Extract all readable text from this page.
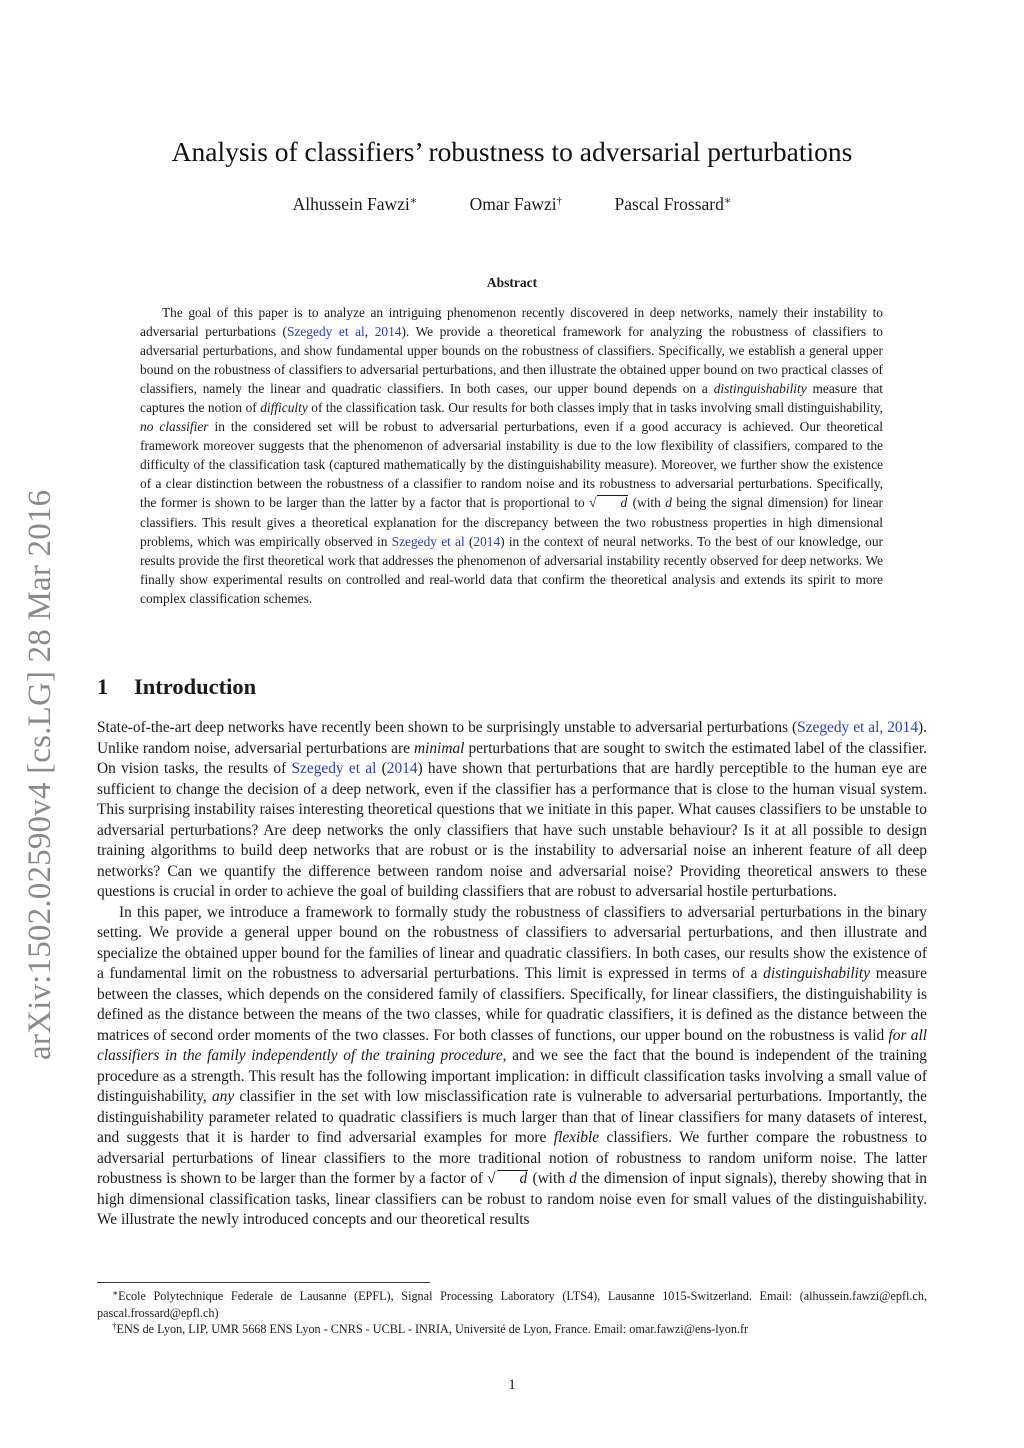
arXiv:1502.02590v4 [cs.LG] 28 Mar 2016
Analysis of classifiers’ robustness to adversarial perturbations
Alhussein Fawzi∗	Omar Fawzi†	Pascal Frossard∗
Abstract

The goal of this paper is to analyze an intriguing phenomenon recently discovered in deep networks, namely their instability to adversarial perturbations (Szegedy et al, 2014). We provide a theoretical framework for analyzing the robustness of classifiers to adversarial perturbations, and show fundamental upper bounds on the robustness of classifiers. Specifically, we establish a general upper bound on the robustness of classifiers to adversarial perturbations, and then illustrate the obtained upper bound on two practical classes of classifiers, namely the linear and quadratic classifiers. In both cases, our upper bound depends on a distinguishability measure that captures the notion of difficulty of the classification task. Our results for both classes imply that in tasks involving small distinguishability, no classifier in the considered set will be robust to adversarial perturbations, even if a good accuracy is achieved. Our theoretical framework moreover suggests that the phenomenon of adversarial instability is due to the low flexibility of classifiers, compared to the difficulty of the classification task (captured mathematically by the distinguishability measure). Moreover, we further show the existence of a clear distinction between the robustness of a classifier to random noise and its robustness to adversarial perturbations. Specifically, the former is shown to be larger than the latter by a factor that is proportional to √ d (with d being the signal dimension) for linear classifiers. This result gives a theoretical explanation for the discrepancy between the two robustness properties in high dimensional problems, which was empirically observed in Szegedy et al (2014) in the context of neural networks. To the best of our knowledge, our results provide the first theoretical work that addresses the phenomenon of adversarial instability recently observed for deep networks. We finally show experimental results on controlled and real-world data that confirm the theoretical analysis and extends its spirit to more complex classification schemes.

1 Introduction

State-of-the-art deep networks have recently been shown to be surprisingly unstable to adversarial perturbations (Szegedy et al, 2014). Unlike random noise, adversarial perturbations are minimal perturbations that are sought to switch the estimated label of the classifier. On vision tasks, the results of Szegedy et al (2014) have shown that perturbations that are hardly perceptible to the human eye are sufficient to change the decision of a deep network, even if the classifier has a performance that is close to the human visual system. This surprising instability raises interesting theoretical questions that we initiate in this paper. What causes classifiers to be unstable to adversarial perturbations? Are deep networks the only classifiers that have such unstable behaviour? Is it at all possible to design training algorithms to build deep networks that are robust or is the instability to adversarial noise an inherent feature of all deep networks? Can we quantify the difference between random noise and adversarial noise? Providing theoretical answers to these questions is crucial in order to achieve the goal of building classifiers that are robust to adversarial hostile perturbations.

In this paper, we introduce a framework to formally study the robustness of classifiers to adversarial perturbations in the binary setting. We provide a general upper bound on the robustness of classifiers to adversarial perturbations, and then illustrate and specialize the obtained upper bound for the families of linear and quadratic classifiers. In both cases, our results show the existence of a fundamental limit on the robustness to adversarial perturbations. This limit is expressed in terms of a distinguishability measure between the classes, which depends on the considered family of classifiers. Specifically, for linear classifiers, the distinguishability is defined as the distance between the means of the two classes, while for quadratic classifiers, it is defined as the distance between the matrices of second order moments of the two classes. For both classes of functions, our upper bound on the robustness is valid for all classifiers in the family independently of the training procedure, and we see the fact that the bound is independent of the training procedure as a strength. This result has the following important implication: in difficult classification tasks involving a small value of distinguishability, any classifier in the set with low misclassification rate is vulnerable to adversarial perturbations. Importantly, the distinguishability parameter related to quadratic classifiers is much larger than that of linear classifiers for many datasets of interest, and suggests that it is harder to find adversarial examples for more flexible classifiers. We further compare the robustness to adversarial perturbations of linear classifiers to the more traditional notion of robustness to random uniform noise. The latter robustness is shown to be larger than the former by a factor of √ d (with d the dimension of input signals), thereby showing that in high dimensional classification tasks, linear classifiers can be robust to random noise even for small values of the distinguishability. We illustrate the newly introduced concepts and our theoretical results

∗Ecole Polytechnique Federale de Lausanne (EPFL), Signal Processing Laboratory (LTS4), Lausanne 1015-Switzerland. Email: (alhussein.fawzi@epfl.ch, pascal.frossard@epfl.ch)

†ENS de Lyon, LIP, UMR 5668 ENS Lyon - CNRS - UCBL - INRIA, Université de Lyon, France. Email: omar.fawzi@ens-lyon.fr

1
